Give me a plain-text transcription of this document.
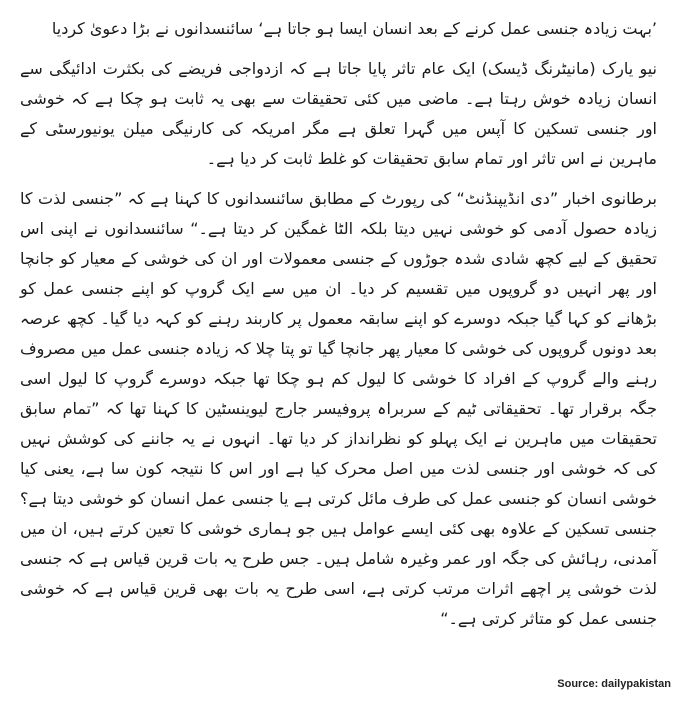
’بہت زیادہ جنسی عمل کرنے کے بعد انسان ایسا ہو جاتا ہے‘ سائنسدانوں نے بڑا دعویٰ کردیا

نیو یارک (مانیٹرنگ ڈیسک) ایک عام تاثر پایا جاتا ہے کہ ازدواجی فریضے کی بکثرت ادائیگی سے انسان زیادہ خوش رہتا ہے۔ ماضی میں کئی تحقیقات سے بھی یہ ثابت ہو چکا ہے کہ خوشی اور جنسی تسکین کا آپس میں گہرا تعلق ہے مگر امریکہ کی کارنیگی میلن یونیورسٹی کے ماہرین نے اس تاثر اور تمام سابق تحقیقات کو غلط ثابت کر دیا ہے۔

برطانوی اخبار ”دی انڈیپنڈنٹ“ کی رپورٹ کے مطابق سائنسدانوں کا کہنا ہے کہ ”جنسی لذت کا زیادہ حصول آدمی کو خوشی نہیں دیتا بلکہ الٹا غمگین کر دیتا ہے۔“ سائنسدانوں نے اپنی اس تحقیق کے لیے کچھ شادی شدہ جوڑوں کے جنسی معمولات اور ان کی خوشی کے معیار کو جانچا اور پھر انہیں دو گروپوں میں تقسیم کر دیا۔ ان میں سے ایک گروپ کو اپنے جنسی عمل کو بڑھانے کو کہا گیا جبکہ دوسرے کو اپنے سابقہ معمول پر کاربند رہنے کو کہہ دیا گیا۔ کچھ عرصہ بعد دونوں گروپوں کی خوشی کا معیار پھر جانچا گیا تو پتا چلا کہ زیادہ جنسی عمل میں مصروف رہنے والے گروپ کے افراد کا خوشی کا لیول کم ہو چکا تھا جبکہ دوسرے گروپ کا لیول اسی جگہ برقرار تھا۔ تحقیقاتی ٹیم کے سربراہ پروفیسر جارج لیوینسٹین کا کہنا تھا کہ ”تمام سابق تحقیقات میں ماہرین نے ایک پہلو کو نظرانداز کر دیا تھا۔ انہوں نے یہ جاننے کی کوشش نہیں کی کہ خوشی اور جنسی لذت میں اصل محرک کیا ہے اور اس کا نتیجہ کون سا ہے، یعنی کیا خوشی انسان کو جنسی عمل کی طرف مائل کرتی ہے یا جنسی عمل انسان کو خوشی دیتا ہے؟ جنسی تسکین کے علاوہ بھی کئی ایسے عوامل ہیں جو ہماری خوشی کا تعین کرتے ہیں، ان میں آمدنی، رہائش کی جگہ اور عمر وغیرہ شامل ہیں۔ جس طرح یہ بات قرین قیاس ہے کہ جنسی لذت خوشی پر اچھے اثرات مرتب کرتی ہے، اسی طرح یہ بات بھی قرین قیاس ہے کہ خوشی جنسی عمل کو متاثر کرتی ہے۔“

Source: dailypakistan
